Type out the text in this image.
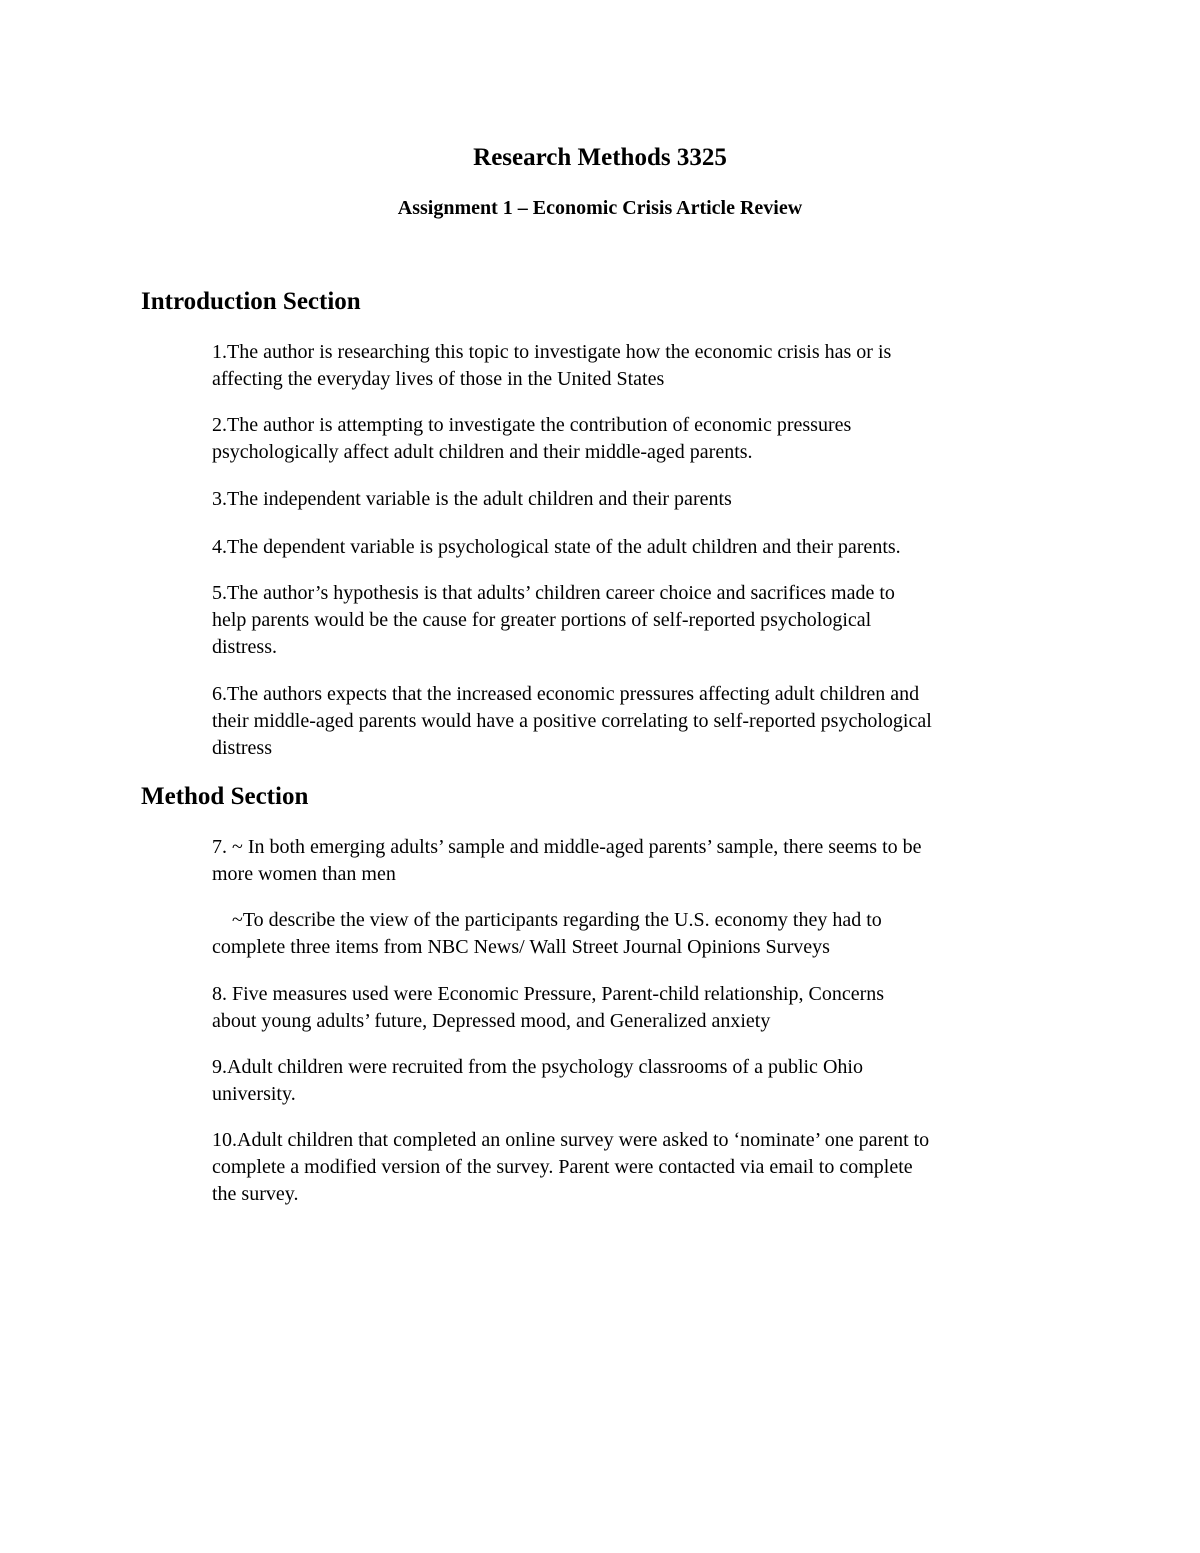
Research Methods 3325
Assignment 1 – Economic Crisis Article Review
Introduction Section

1.The author is researching this topic to investigate how the economic crisis has or is
affecting the everyday lives of those in the United States

2.The author is attempting to investigate the contribution of economic pressures
psychologically affect adult children and their middle-aged parents.

3.The independent variable is the adult children and their parents

4.The dependent variable is psychological state of the adult children and their parents.

5.The author’s hypothesis is that adults’ children career choice and sacrifices made to
help parents would be the cause for greater portions of self-reported psychological
distress.

6.The authors expects that the increased economic pressures affecting adult children and
their middle-aged parents would have a positive correlating to self-reported psychological
distress

Method Section

7. ~ In both emerging adults’ sample and middle-aged parents’ sample, there seems to be
more women than men

~To describe the view of the participants regarding the U.S. economy they had to
complete three items from NBC News/ Wall Street Journal Opinions Surveys

8. Five measures used were Economic Pressure, Parent-child relationship, Concerns
about young adults’ future, Depressed mood, and Generalized anxiety

9.Adult children were recruited from the psychology classrooms of a public Ohio
university.

10.Adult children that completed an online survey were asked to ‘nominate’ one parent to
complete a modified version of the survey. Parent were contacted via email to complete
the survey.
